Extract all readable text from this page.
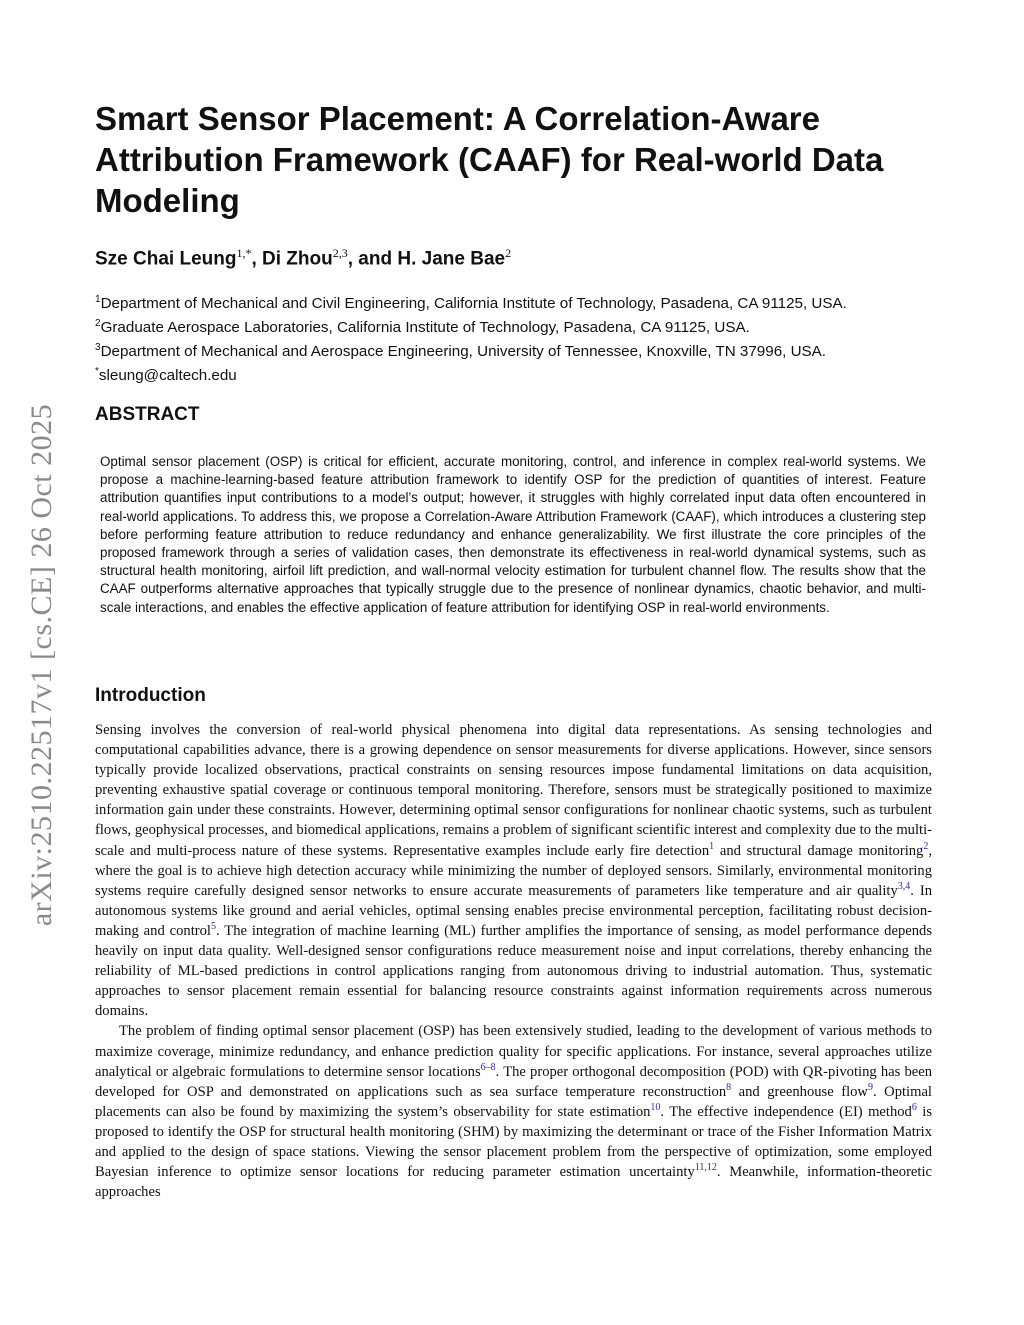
arXiv:2510.22517v1 [cs.CE] 26 Oct 2025
Smart Sensor Placement: A Correlation-Aware Attribution Framework (CAAF) for Real-world Data Modeling
Sze Chai Leung$^{1,*}$, Di Zhou$^{2,3}$, and H. Jane Bae$^2$
$^1$Department of Mechanical and Civil Engineering, California Institute of Technology, Pasadena, CA 91125, USA.
$^2$Graduate Aerospace Laboratories, California Institute of Technology, Pasadena, CA 91125, USA.
$^3$Department of Mechanical and Aerospace Engineering, University of Tennessee, Knoxville, TN 37996, USA.
*sleung@caltech.edu
ABSTRACT
Optimal sensor placement (OSP) is critical for efficient, accurate monitoring, control, and inference in complex real-world systems. We propose a machine-learning-based feature attribution framework to identify OSP for the prediction of quantities of interest. Feature attribution quantifies input contributions to a model’s output; however, it struggles with highly correlated input data often encountered in real-world applications. To address this, we propose a Correlation-Aware Attribution Framework (CAAF), which introduces a clustering step before performing feature attribution to reduce redundancy and enhance generalizability. We first illustrate the core principles of the proposed framework through a series of validation cases, then demonstrate its effectiveness in real-world dynamical systems, such as structural health monitoring, airfoil lift prediction, and wall-normal velocity estimation for turbulent channel flow. The results show that the CAAF outperforms alternative approaches that typically struggle due to the presence of nonlinear dynamics, chaotic behavior, and multi-scale interactions, and enables the effective application of feature attribution for identifying OSP in real-world environments.
Introduction

Sensing involves the conversion of real-world physical phenomena into digital data representations. As sensing technologies and computational capabilities advance, there is a growing dependence on sensor measurements for diverse applications. However, since sensors typically provide localized observations, practical constraints on sensing resources impose fundamental limitations on data acquisition, preventing exhaustive spatial coverage or continuous temporal monitoring. Therefore, sensors must be strategically positioned to maximize information gain under these constraints. However, determining optimal sensor configurations for nonlinear chaotic systems, such as turbulent flows, geophysical processes, and biomedical applications, remains a problem of significant scientific interest and complexity due to the multi-scale and multi-process nature of these systems. Representative examples include early fire detection$^1$ and structural damage monitoring$^2$, where the goal is to achieve high detection accuracy while minimizing the number of deployed sensors. Similarly, environmental monitoring systems require carefully designed sensor networks to ensure accurate measurements of parameters like temperature and air quality$^{3,4}$. In autonomous systems like ground and aerial vehicles, optimal sensing enables precise environmental perception, facilitating robust decision-making and control$^5$. The integration of machine learning (ML) further amplifies the importance of sensing, as model performance depends heavily on input data quality. Well-designed sensor configurations reduce measurement noise and input correlations, thereby enhancing the reliability of ML-based predictions in control applications ranging from autonomous driving to industrial automation. Thus, systematic approaches to sensor placement remain essential for balancing resource constraints against information requirements across numerous domains.

The problem of finding optimal sensor placement (OSP) has been extensively studied, leading to the development of various methods to maximize coverage, minimize redundancy, and enhance prediction quality for specific applications. For instance, several approaches utilize analytical or algebraic formulations to determine sensor locations$^{6-8}$. The proper orthogonal decomposition (POD) with QR-pivoting has been developed for OSP and demonstrated on applications such as sea surface temperature reconstruction$^8$ and greenhouse flow$^9$. Optimal placements can also be found by maximizing the system’s observability for state estimation$^{10}$. The effective independence (EI) method$^6$ is proposed to identify the OSP for structural health monitoring (SHM) by maximizing the determinant or trace of the Fisher Information Matrix and applied to the design of space stations. Viewing the sensor placement problem from the perspective of optimization, some employed Bayesian inference to optimize sensor locations for reducing parameter estimation uncertainty$^{11,12}$. Meanwhile, information-theoretic approaches
